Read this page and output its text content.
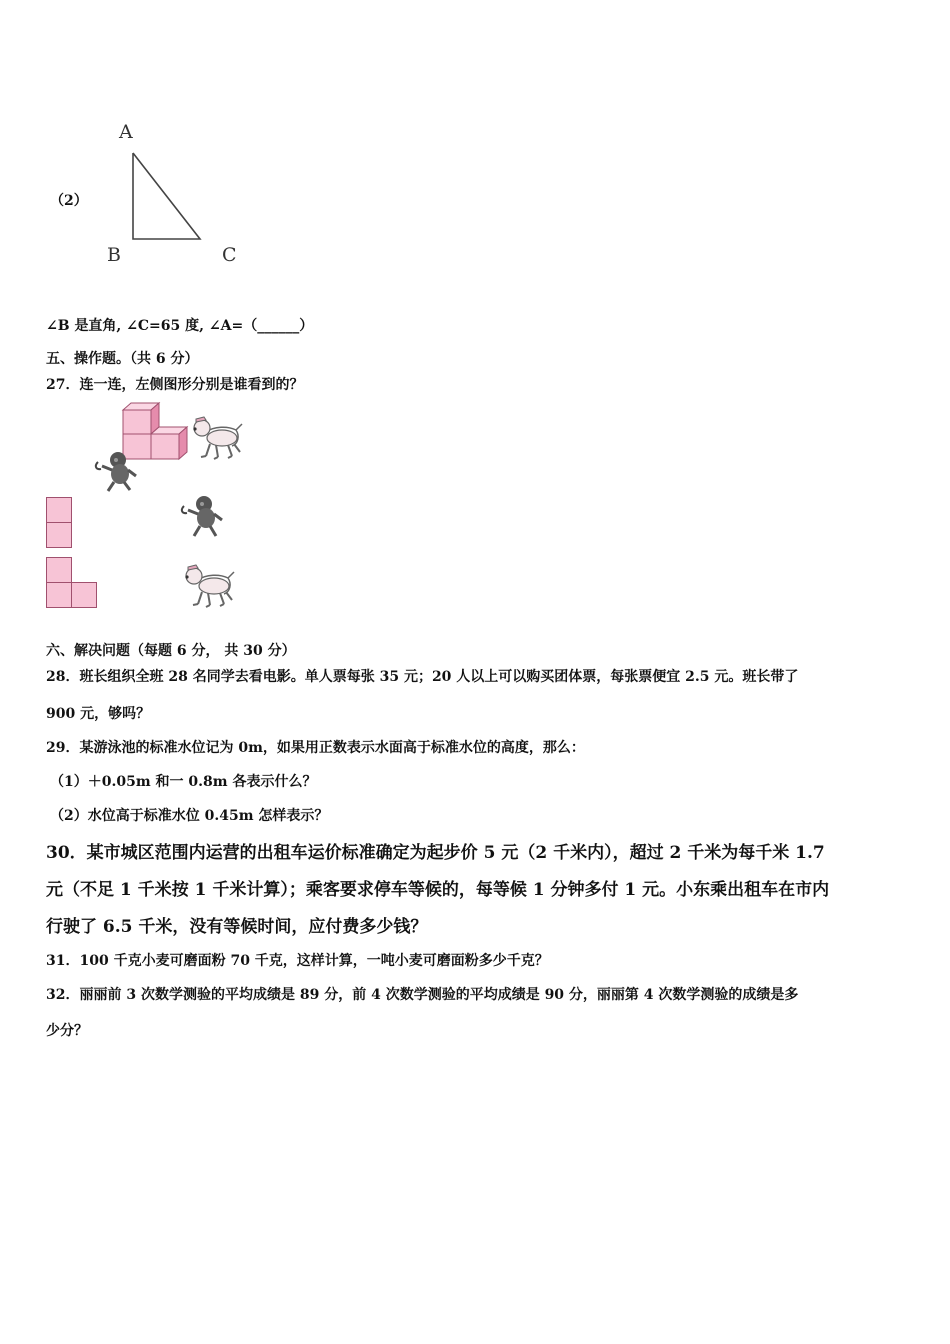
（2）
A
B	C
∠B 是直角, ∠C=65 度, ∠A=（______）
五、操作题。（共 6 分）
27．连一连，左侧图形分别是谁看到的？
六、解决问题（每题 6 分， 共 30 分）
28．班长组织全班 28 名同学去看电影。单人票每张 35 元；20 人以上可以购买团体票，每张票便宜 2.5 元。班长带了
900 元，够吗？
29．某游泳池的标准水位记为 0m，如果用正数表示水面高于标准水位的高度，那么：
（1）＋0.05m 和一 0.8m 各表示什么？
（2）水位高于标准水位 0.45m 怎样表示？
30．某市城区范围内运营的出租车运价标准确定为起步价 5 元（2 千米内），超过 2 千米为每千米 1.7
元（不足 1 千米按 1 千米计算）；乘客要求停车等候的，每等候 1 分钟多付 1 元。小东乘出租车在市内
行驶了 6.5 千米，没有等候时间，应付费多少钱？
31．100 千克小麦可磨面粉 70 千克，这样计算，一吨小麦可磨面粉多少千克？
32．丽丽前 3 次数学测验的平均成绩是 89 分，前 4 次数学测验的平均成绩是 90 分，丽丽第 4 次数学测验的成绩是多
少分？
